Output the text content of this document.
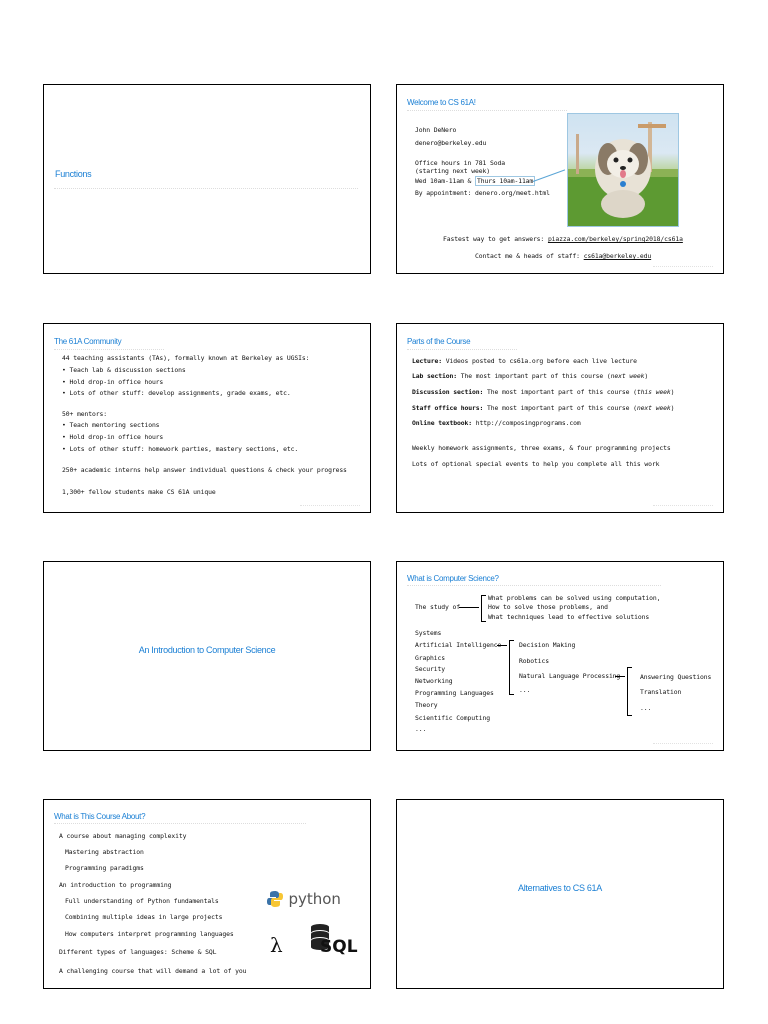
Functions
Welcome to CS 61A!
John DeNero
denero@berkeley.edu
Office hours in 781 Soda
(starting next week)
Wed 10am-11am & Thurs 10am-11am
By appointment: denero.org/meet.html
Fastest way to get answers: piazza.com/berkeley/spring2018/cs61a
Contact me & heads of staff: cs61a@berkeley.edu
The 61A Community
44 teaching assistants (TAs), formally known at Berkeley as UGSIs:
• Teach lab & discussion sections
• Hold drop-in office hours
• Lots of other stuff: develop assignments, grade exams, etc.
50+ mentors:
• Teach mentoring sections
• Hold drop-in office hours
• Lots of other stuff: homework parties, mastery sections, etc.
250+ academic interns help answer individual questions & check your progress
1,300+ fellow students make CS 61A unique
Parts of the Course
Lecture: Videos posted to cs61a.org before each live lecture
Lab section: The most important part of this course (next week)
Discussion section: The most important part of this course (this week)
Staff office hours: The most important part of this course (next week)
Online textbook: http://composingprograms.com
Weekly homework assignments, three exams, & four programming projects
Lots of optional special events to help you complete all this work
An Introduction to Computer Science
What is Computer Science?
The study of
What problems can be solved using computation,
How to solve those problems, and
What techniques lead to effective solutions
Systems
Artificial Intelligence
Graphics
Security
Networking
Programming Languages
Theory
Scientific Computing
...
Decision Making
Robotics
Natural Language Processing
...
Answering Questions
Translation
...
What is This Course About?
A course about managing complexity
Mastering abstraction
Programming paradigms
An introduction to programming
Full understanding of Python fundamentals
Combining multiple ideas in large projects
How computers interpret programming languages
Different types of languages: Scheme & SQL
A challenging course that will demand a lot of you
python
λ SQL
Alternatives to CS 61A
